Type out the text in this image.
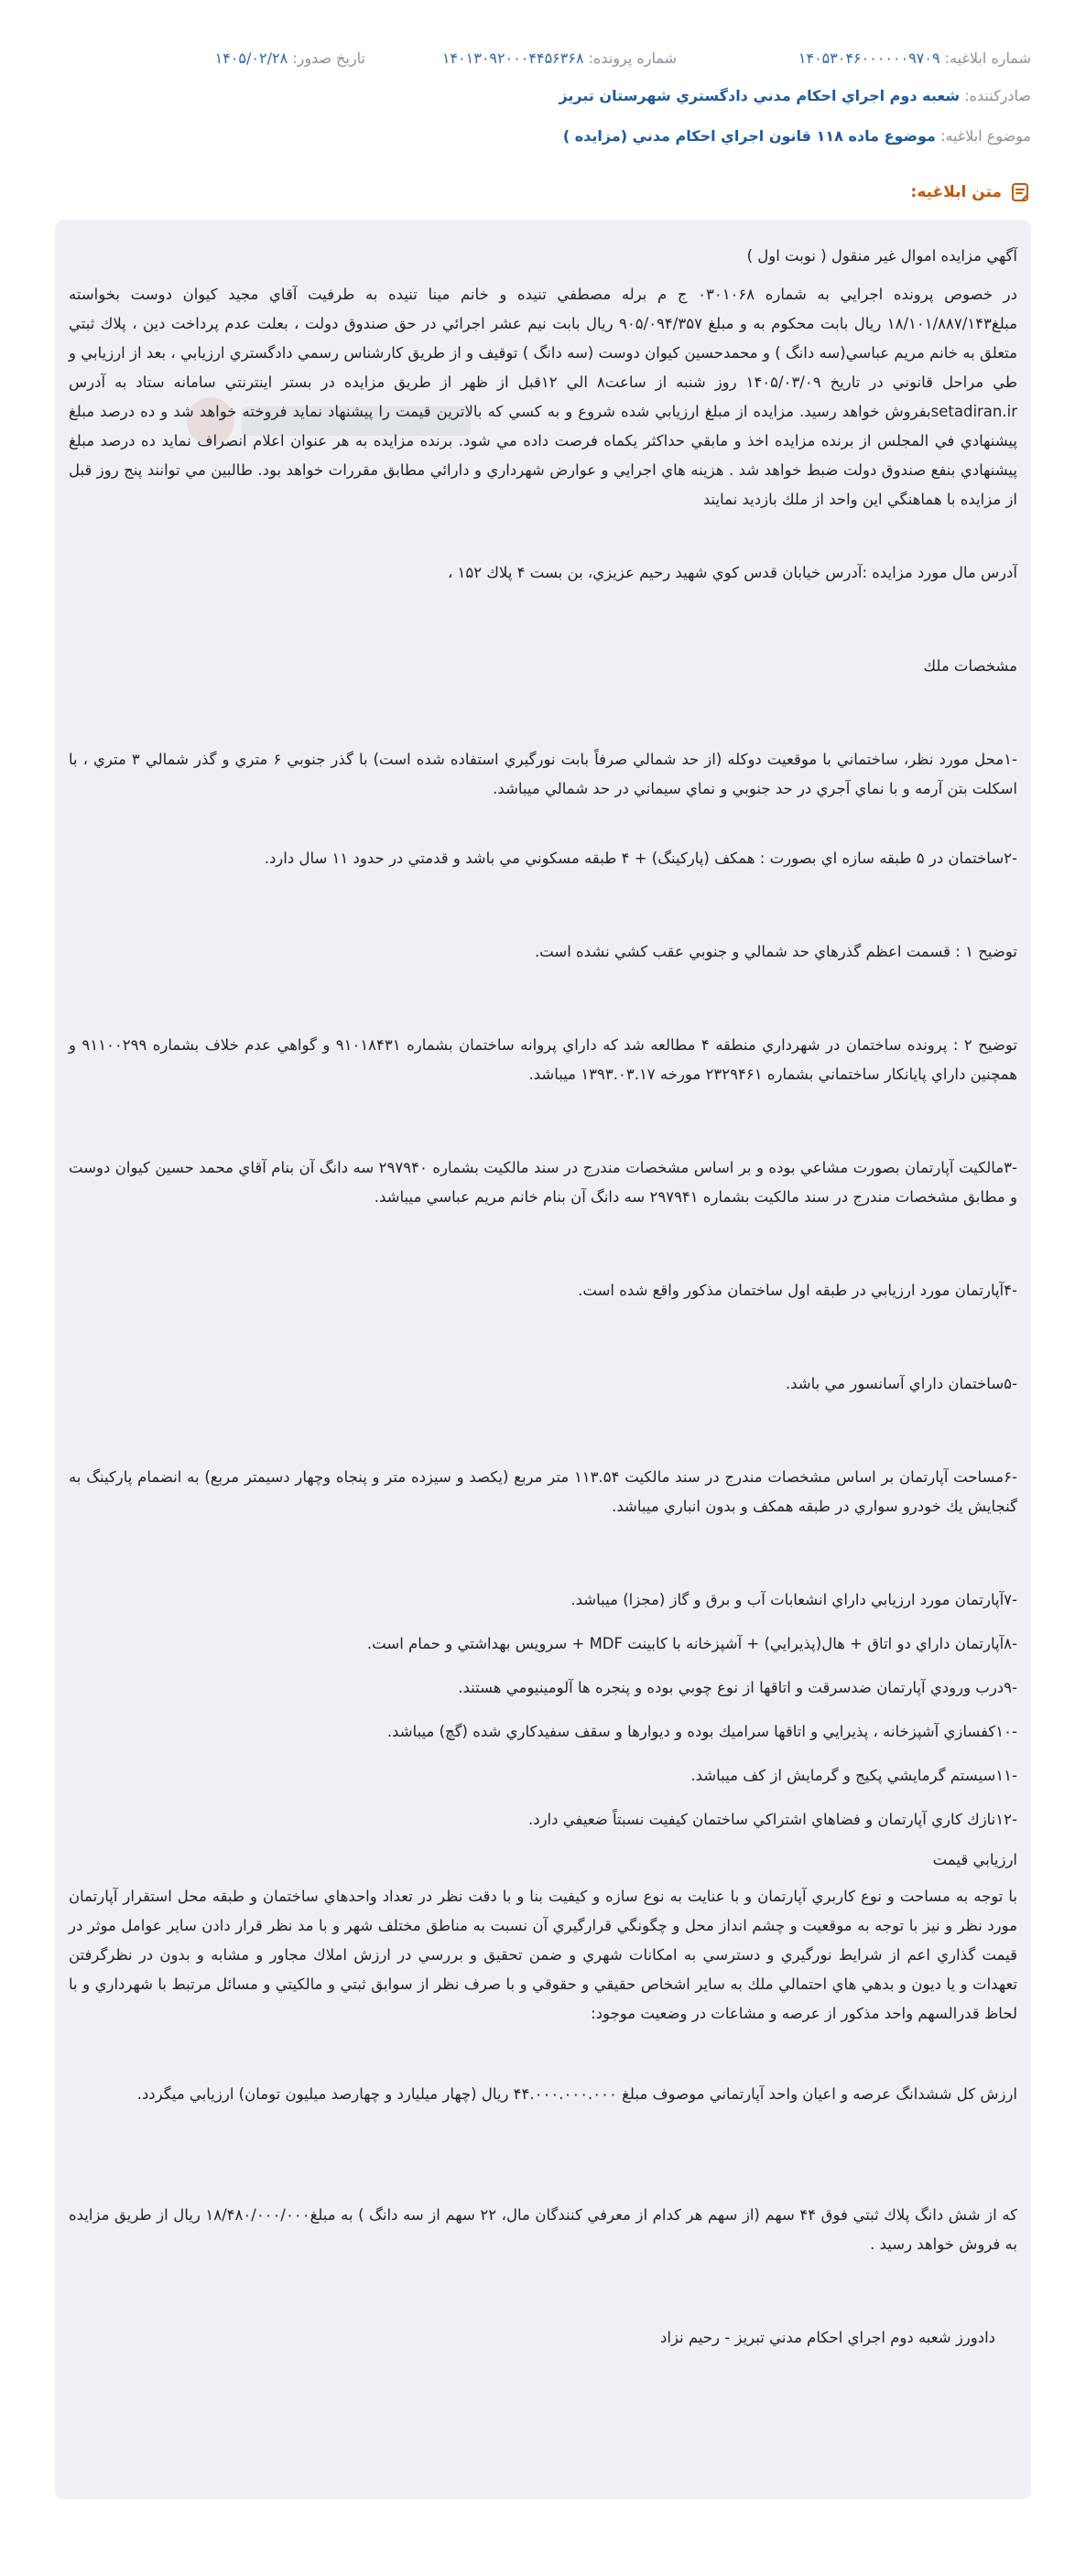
شماره ابلاغیه: ۱۴۰۵۳۰۴۶۰۰۰۰۰۰۹۷۰۹
شماره پرونده: ۱۴۰۱۳۰۹۲۰۰۰۴۴۵۶۳۶۸
تاریخ صدور: ۱۴۰۵/۰۲/۲۸
صادرکننده: شعبه دوم اجراي احكام مدني دادگستري شهرستان تبريز
موضوع ابلاغیه: موضوع ماده ۱۱۸ قانون اجراي احكام مدني (مزايده )
متن ابلاغیه:

آگهي مزايده اموال غير منقول ( نوبت اول )

در خصوص پرونده اجرايي به شماره ۰۳۰۱۰۶۸ ج م برله مصطفي تنيده و خانم مينا تنيده به طرفيت آقاي مجيد كيوان دوست بخواسته مبلغ۱۸/۱۰۱/۸۸۷/۱۴۳ ريال بابت محكوم به و مبلغ ۹۰۵/۰۹۴/۳۵۷ ريال بابت نيم عشر اجرائي در حق صندوق دولت ، بعلت عدم پرداخت دين ، پلاك ثبتي متعلق به خانم مريم عباسي(سه دانگ ) و محمدحسين كيوان دوست (سه دانگ ) توقيف و از طريق كارشناس رسمي دادگستري ارزيابي ، بعد از ارزيابي و طي مراحل قانوني در تاريخ ۱۴۰۵/۰۳/۰۹ روز شنبه از ساعت۸ الي ۱۲قبل از ظهر از طريق مزايده در بستر اينترنتي سامانه ستاد به آدرس setadiran.irبفروش خواهد رسيد. مزايده از مبلغ ارزيابي شده شروع و به كسي كه بالاترين قيمت را پيشنهاد نمايد فروخته خواهد شد و ده درصد مبلغ پيشنهادي في المجلس از برنده مزايده اخذ و مابقي حداكثر يكماه فرصت داده مي شود. برنده مزايده به هر عنوان اعلام انصراف نمايد ده درصد مبلغ پيشنهادي بنفع صندوق دولت ضبط خواهد شد . هزينه هاي اجرايي و عوارض شهرداري و دارائي مطابق مقررات خواهد بود. طالبين مي توانند پنج روز قبل از مزايده با هماهنگي اين واحد از ملك بازديد نمايند

آدرس مال مورد مزايده :آدرس خيابان قدس كوي شهيد رحيم عزيزي، بن بست ۴ پلاك ۱۵۲ ،

مشخصات ملك

-۱محل مورد نظر، ساختماني با موقعيت دوكله (از حد شمالي صرفاً بابت نورگيري استفاده شده است) با گذر جنوبي ۶ متري و گذر شمالي ۳ متري ، با اسكلت بتن آرمه و با نماي آجري در حد جنوبي و نماي سيماني در حد شمالي ميباشد.

-۲ساختمان در ۵ طبقه سازه اي بصورت : همكف (پاركينگ) + ۴ طبقه مسكوني مي باشد و قدمتي در حدود ۱۱ سال دارد.

توضيح ۱ : قسمت اعظم گذرهاي حد شمالي و جنوبي عقب كشي نشده است.

توضيح ۲ : پرونده ساختمان در شهرداري منطقه ۴ مطالعه شد كه داراي پروانه ساختمان بشماره ۹۱۰۱۸۴۳۱ و گواهي عدم خلاف بشماره ۹۱۱۰۰۲۹۹ و همچنين داراي پايانكار ساختماني بشماره ۲۳۲۹۴۶۱ مورخه ۱۳۹۳.۰۳.۱۷ ميباشد.

-۳مالكيت آپارتمان بصورت مشاعي بوده و بر اساس مشخصات مندرج در سند مالكيت بشماره ۲۹۷۹۴۰ سه دانگ آن بنام آقاي محمد حسين كيوان دوست و مطابق مشخصات مندرج در سند مالكيت بشماره ۲۹۷۹۴۱ سه دانگ آن بنام خانم مريم عباسي ميباشد.

-۴آپارتمان مورد ارزيابي در طبقه اول ساختمان مذكور واقع شده است.

-۵ساختمان داراي آسانسور مي باشد.

-۶مساحت آپارتمان بر اساس مشخصات مندرج در سند مالكيت ۱۱۳.۵۴ متر مربع (يكصد و سيزده متر و پنجاه وچهار دسيمتر مربع) به انضمام پاركينگ به گنجايش يك خودرو سواري در طبقه همكف و بدون انباري ميباشد.

-۷آپارتمان مورد ارزيابي داراي انشعابات آب و برق و گاز (مجزا) ميباشد.

-۸آپارتمان داراي دو اتاق + هال(پذيرايي) + آشپزخانه با كابينت MDF + سرويس بهداشتي و حمام است.

-۹درب ورودي آپارتمان ضدسرقت و اتاقها از نوع چوبي بوده و پنجره ها آلومينيومي هستند.

-۱۰كفسازي آشپزخانه ، پذيرايي و اتاقها سراميك بوده و ديوارها و سقف سفيدكاري شده (گچ) ميباشد.

-۱۱سيستم گرمايشي پكيج و گرمايش از كف ميباشد.

-۱۲نازك كاري آپارتمان و فضاهاي اشتراكي ساختمان كيفيت نسبتاً ضعيفي دارد.

ارزيابي قيمت

با توجه به مساحت و نوع كاربري آپارتمان و با عنايت به نوع سازه و كيفيت بنا و با دقت نظر در تعداد واحدهاي ساختمان و طبقه محل استقرار آپارتمان مورد نظر و نيز با توجه به موقعيت و چشم انداز محل و چگونگي قرارگيري آن نسبت به مناطق مختلف شهر و با مد نظر قرار دادن ساير عوامل موثر در قيمت گذاري اعم از شرايط نورگيري و دسترسي به امكانات شهري و ضمن تحقيق و بررسي در ارزش املاك مجاور و مشابه و بدون در نظرگرفتن تعهدات و يا ديون و بدهي هاي احتمالي ملك به ساير اشخاص حقيقي و حقوقي و با صرف نظر از سوابق ثبتي و مالكيتي و مسائل مرتبط با شهرداري و با لحاظ قدرالسهم واحد مذكور از عرصه و مشاعات در وضعيت موجود:

ارزش كل ششدانگ عرصه و اعيان واحد آپارتماني موصوف مبلغ ۴۴.۰۰۰.۰۰۰.۰۰۰ ريال (چهار ميليارد و چهارصد ميليون تومان) ارزيابي ميگردد.

كه از شش دانگ پلاك ثبتي فوق ۴۴ سهم (از سهم هر كدام از معرفي كنندگان مال، ۲۲ سهم از سه دانگ ) به مبلغ۱۸/۴۸۰/۰۰۰/۰۰۰ ريال از طريق مزايده به فروش خواهد رسيد .

دادورز شعبه دوم اجراي احكام مدني تبريز - رحيم نزاد
